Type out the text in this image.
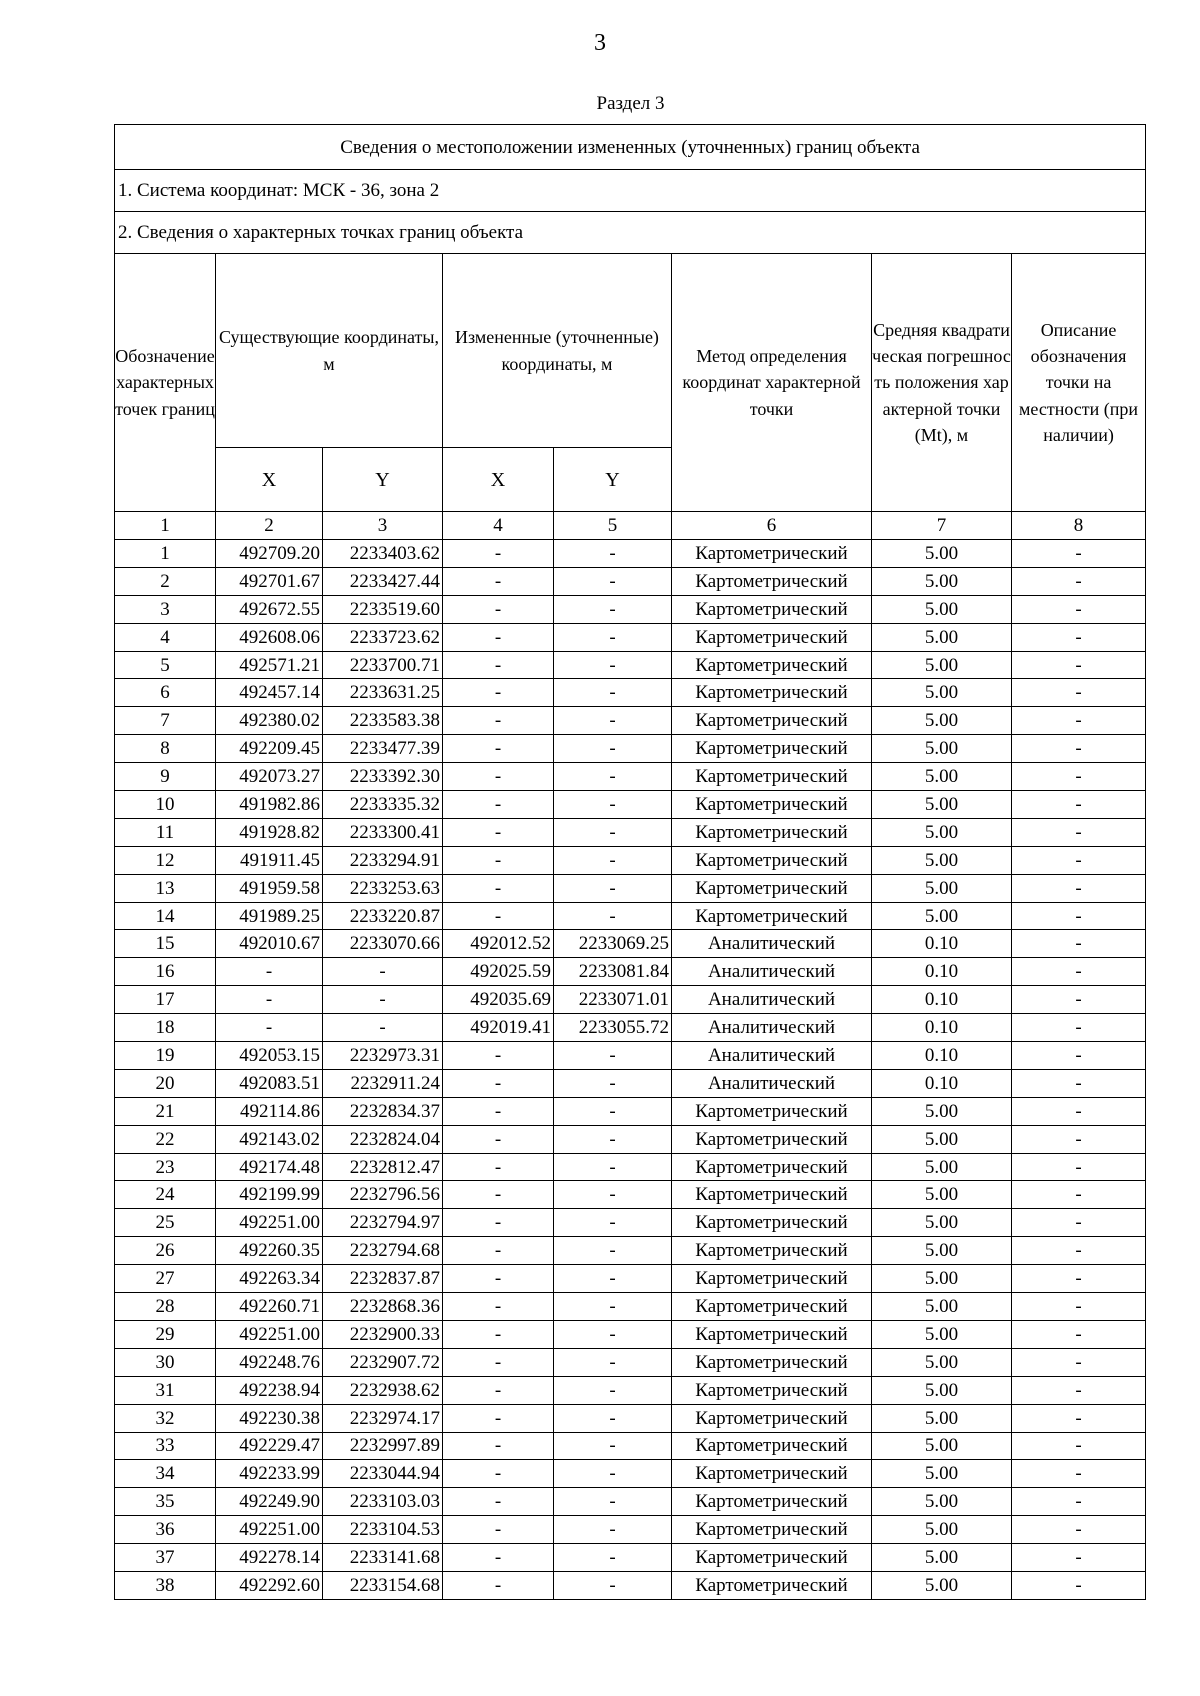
3
Раздел 3
Сведения о местоположении измененных (уточненных) границ объекта							
1. Система координат: МСК - 36, зона 2							
2. Сведения о характерных точках границ объекта							
Обозначение характерных точек границ	Существующие координаты, м		Измененные (уточненные) координаты, м		Метод определения координат характерной точки	Средняя квадратическая погрешность положения характерной точки (Mt), м	Описание обозначения точки на местности (при наличии)
	X	Y	X	Y			
1	2	3	4	5	6	7	8
1	492709.20	2233403.62	-	-	Картометрический	5.00	-
2	492701.67	2233427.44	-	-	Картометрический	5.00	-
3	492672.55	2233519.60	-	-	Картометрический	5.00	-
4	492608.06	2233723.62	-	-	Картометрический	5.00	-
5	492571.21	2233700.71	-	-	Картометрический	5.00	-
6	492457.14	2233631.25	-	-	Картометрический	5.00	-
7	492380.02	2233583.38	-	-	Картометрический	5.00	-
8	492209.45	2233477.39	-	-	Картометрический	5.00	-
9	492073.27	2233392.30	-	-	Картометрический	5.00	-
10	491982.86	2233335.32	-	-	Картометрический	5.00	-
11	491928.82	2233300.41	-	-	Картометрический	5.00	-
12	491911.45	2233294.91	-	-	Картометрический	5.00	-
13	491959.58	2233253.63	-	-	Картометрический	5.00	-
14	491989.25	2233220.87	-	-	Картометрический	5.00	-
15	492010.67	2233070.66	492012.52	2233069.25	Аналитический	0.10	-
16	-	-	492025.59	2233081.84	Аналитический	0.10	-
17	-	-	492035.69	2233071.01	Аналитический	0.10	-
18	-	-	492019.41	2233055.72	Аналитический	0.10	-
19	492053.15	2232973.31	-	-	Аналитический	0.10	-
20	492083.51	2232911.24	-	-	Аналитический	0.10	-
21	492114.86	2232834.37	-	-	Картометрический	5.00	-
22	492143.02	2232824.04	-	-	Картометрический	5.00	-
23	492174.48	2232812.47	-	-	Картометрический	5.00	-
24	492199.99	2232796.56	-	-	Картометрический	5.00	-
25	492251.00	2232794.97	-	-	Картометрический	5.00	-
26	492260.35	2232794.68	-	-	Картометрический	5.00	-
27	492263.34	2232837.87	-	-	Картометрический	5.00	-
28	492260.71	2232868.36	-	-	Картометрический	5.00	-
29	492251.00	2232900.33	-	-	Картометрический	5.00	-
30	492248.76	2232907.72	-	-	Картометрический	5.00	-
31	492238.94	2232938.62	-	-	Картометрический	5.00	-
32	492230.38	2232974.17	-	-	Картометрический	5.00	-
33	492229.47	2232997.89	-	-	Картометрический	5.00	-
34	492233.99	2233044.94	-	-	Картометрический	5.00	-
35	492249.90	2233103.03	-	-	Картометрический	5.00	-
36	492251.00	2233104.53	-	-	Картометрический	5.00	-
37	492278.14	2233141.68	-	-	Картометрический	5.00	-
38	492292.60	2233154.68	-	-	Картометрический	5.00	-
